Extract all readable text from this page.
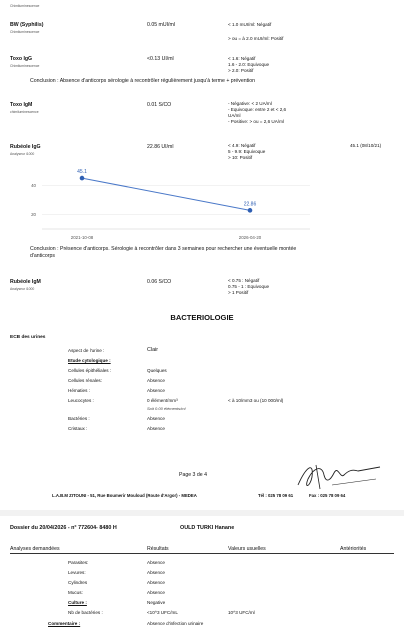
Chimiluminescence
BW (Syphilis)
Chimiluminescence
0.05 mUI/ml	< 1.0 mUI/ml: Négatif
> ou = à 2.0 mUI/ml: Positif
Toxo IgG
Chimiluminescence
<0.13 UI/ml	< 1.6: Négatif
1.6 - 2.0: Equivoque
> 2.0: Positif
Conclusion : Absence d'anticorps sérologie à recontrôler régulièrement jusqu'à terme + prévention
Toxo IgM
chimiluminescence
0.01 S/CO	- Négative: < 2 UA/ml
- Equivoque: entre 2 et < 2,6
UA/ml
- Positive: > ou = 2,6 UA/ml
Rubéole IgG
Analyseur i1000
22.86 UI/ml	< 4.9: Négatif
5 - 9.9: Equivoque
> 10: Positif
45.1 (08/10/21)
20
40
2021-10-08	2026-04-20
45.1
22.86
Conclusion : Présence d'anticorps. Sérologie à recontrôler dans 3 semaines pour rechercher une éventuelle montée
d'anticorps
Rubéole IgM
Analyseur i1000
0.06 S/CO	< 0.75 : Négatif
0.75 - 1 : Equivoque
> 1 Positif
BACTERIOLOGIE
ECB des urines
Aspect de l'urine :	Clair
Etude cytologique :
Cellules épithéliales :	Quelques
Cellules rénales:	Absence
Hématies :	Absence
Leucocytes :	0 élément/mm³	< à 10/mm3 ou (10 000/ml)
Soit 0.00 éléments/ml
Bactéries :	Absence
Cristaux :	Absence
Page 3 de 4
L.A.B.M ZITOUNI - 51, Rue Boumerir Mouloud (Route d'Argor) - MEDEA	Tél : 025 78 09 61	Fax : 025 78 09 64
Dossier du 20/04/2026 - n° 772604- 8480 H	OULD TURKI Hanane
Analyses demandées	Résultats	Valeurs usuelles	Antériorités
Parasites:	Absence
Levures:	Absence
Cylindres	Absence
Mucus:	Absence
Culture :	Negative
Nb de bactéries :	<10^3 UFC/mL	10^3 UFC/ml
Commentaire :	Absence d'infection urinaire
